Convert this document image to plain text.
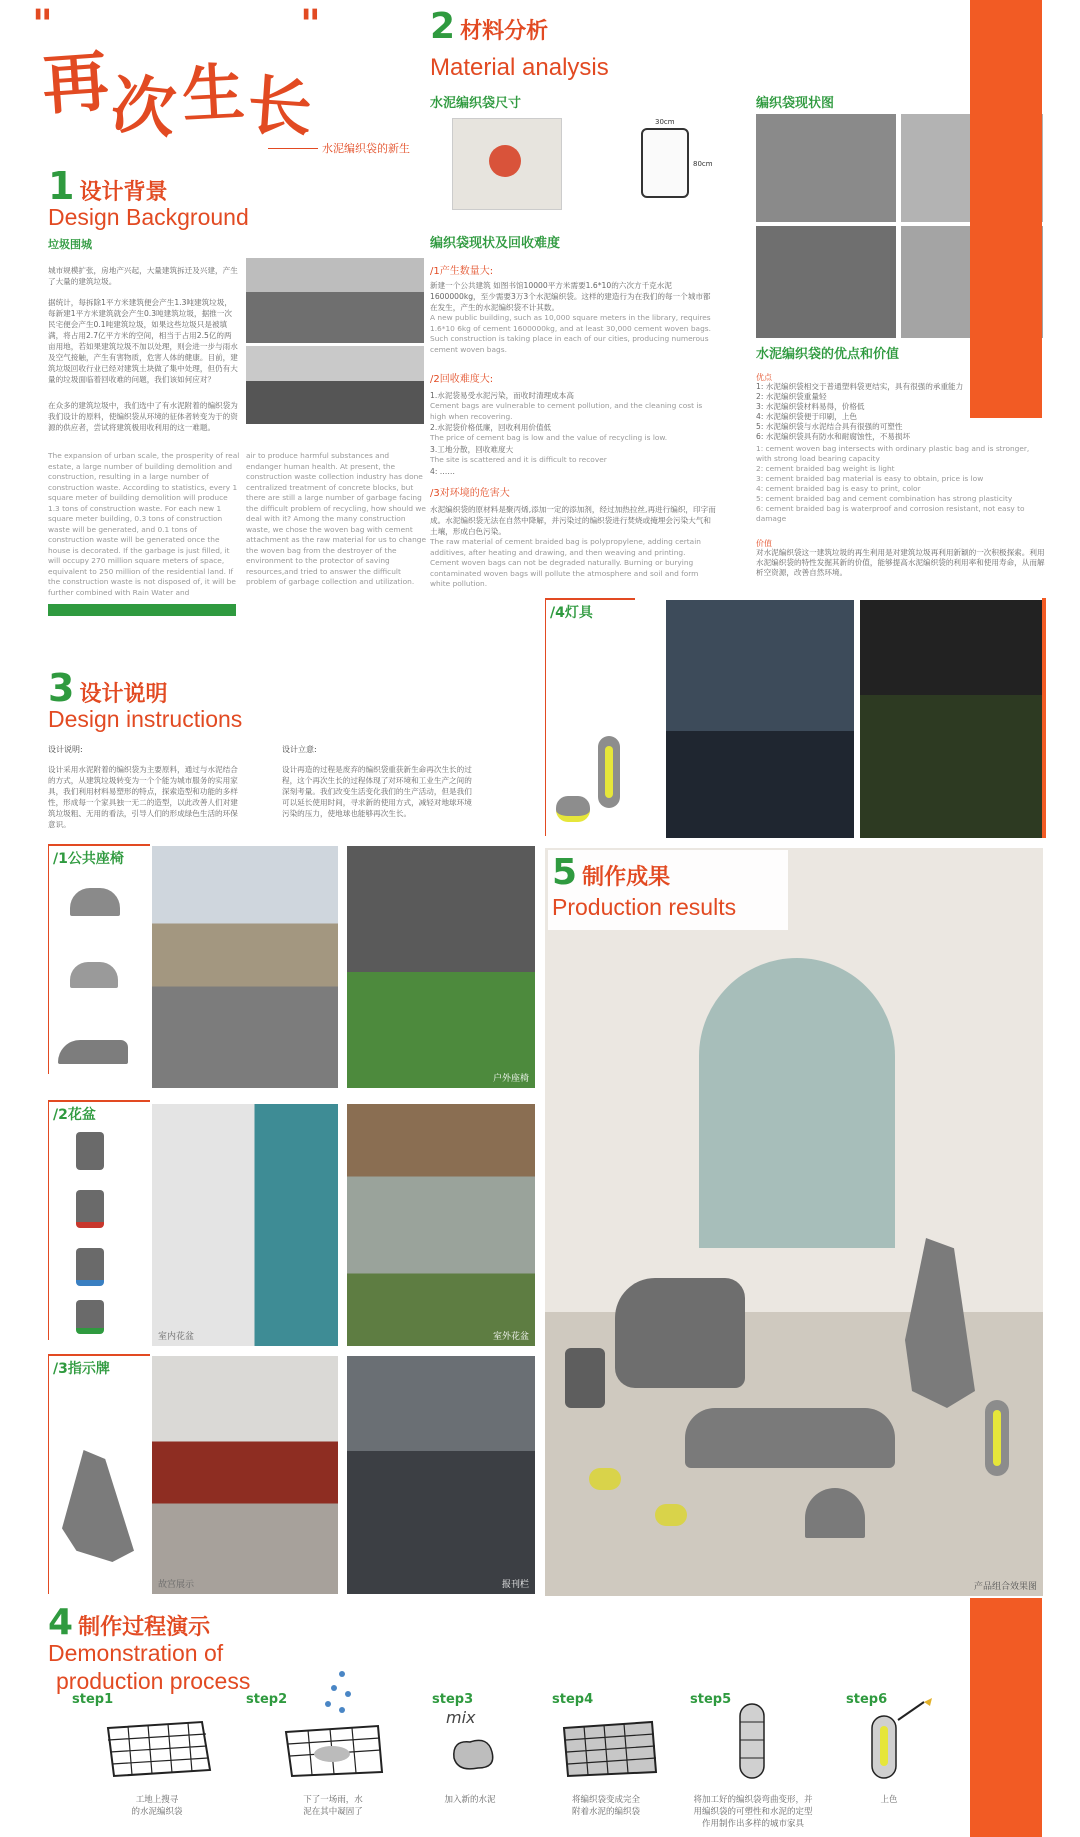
"	"
再
次 生
长
水泥编织袋的新生
1 设计背景
Design Background
垃圾围城
城市规模扩张，房地产兴起，大量建筑拆迁及兴建，产生了大量的建筑垃圾。
据统计，每拆除1平方米建筑便会产生1.3吨建筑垃圾，每新建1平方米建筑就会产生0.3吨建筑垃圾，据推一次民宅便会产生0.1吨建筑垃圾，如果这些垃圾只是被填满，将占用2.7亿平方米的空间，相当于占用2.5亿的两亩用地，若如果建筑垃圾不加以处理，则会进一步与雨水及空气接触，产生有害物质，危害人体的健康。目前，建筑垃圾回收行业已经对建筑土块做了集中处理，但仍有大量的垃圾面临着回收难的问题，我们该如何应对？
在众多的建筑垃圾中，我们选中了有水泥附着的编织袋为我们设计的原料，使编织袋从环境的征体者转变为于的资源的供应者，尝试将建筑极用收利用的这一难题。
The expansion of urban scale, the prosperity of real estate, a large number of building demolition and construction, resulting in a large number of construction waste. According to statistics, every 1 square meter of building demolition will produce 1.3 tons of construction waste. For each new 1 square meter building, 0.3 tons of construction waste will be generated, and 0.1 tons of construction waste will be generated once the house is decorated. If the garbage is just filled, it will occupy 270 million square meters of space, equivalent to 250 million of the residential land. If the construction waste is not disposed of, it will be further combined with Rain Water and
air to produce harmful substances and endanger human health. At present, the construction waste collection industry has done centralized treatment of concrete blocks, but there are still a large number of garbage facing the difficult problem of recycling, how should we deal with it? Among the many construction waste, we chose the woven bag with cement attachment as the raw material for us to change the woven bag from the destroyer of the environment to the protector of saving resources,and tried to answer the difficult problem of garbage collection and utilization.
2 材料分析
Material analysis
水泥编织袋尺寸
30cm
80cm
编织袋现状及回收难度
/1产生数量大:
新建一个公共建筑 如图书馆10000平方米需要1.6*10的六次方千克水泥1600000kg，至少需要3万3个水泥编织袋。这样的建造行为在我们的每一个城市都在发生，产生的水泥编织袋不计其数。
A new public building, such as 10,000 square meters in the library, requires 1.6*10 6kg of cement 1600000kg, and at least 30,000 cement woven bags. Such construction is taking place in each of our cities, producing numerous cement woven bags.
/2回收难度大:
1.水泥袋易受水泥污染，而收时清理成本高
Cement bags are vulnerable to cement pollution, and the cleaning cost is high when recovering.
2.水泥袋价格低廉，回收利用价值低
The price of cement bag is low and the value of recycling is low.
3.工地分散，回收难度大
The site is scattered and it is difficult to recover
4: ……
/3对环境的危害大
水泥编织袋的原材料是聚丙烯,添加一定的添加剂，经过加热拉丝,再进行编织，印字而成。水泥编织袋无法在自然中降解，并污染过的编织袋进行焚烧或掩埋会污染大气和土壤，形成白色污染。
The raw material of cement braided bag is polypropylene, adding certain additives, after heating and drawing, and then weaving and printing. Cement woven bags can not be degraded naturally. Burning or burying contaminated woven bags will pollute the atmosphere and soil and form white pollution.
编织袋现状图
水泥编织袋的优点和价值
优点
1: 水泥编织袋相交于普通塑料袋更结实，具有很强的承重能力
2: 水泥编织袋重量轻
3: 水泥编织袋材料易得，价格低
4: 水泥编织袋便于印刷，上色
5: 水泥编织袋与水泥结合具有很强的可塑性
6: 水泥编织袋具有防水和耐腐蚀性，不易损坏
1: cement woven bag intersects with ordinary plastic bag and is stronger, with strong load bearing capacity
2: cement braided bag weight is light
3: cement braided bag material is easy to obtain, price is low
4: cement braided bag is easy to print, color
5: cement braided bag and cement combination has strong plasticity
6: cement braided bag is waterproof and corrosion resistant, not easy to damage
价值
对水泥编织袋这一建筑垃圾的再生利用是对建筑垃圾再利用新颖的一次积极探索。利用水泥编织袋的特性发掘其新的价值，能够提高水泥编织袋的利用率和使用寿命，从而解析空资源，改善自然环境。
3 设计说明
Design instructions
设计说明:
设计采用水泥附着的编织袋为主要原料，通过与水泥结合的方式，从建筑垃圾转变为一个个能为城市服务的实用家具，我们利用材料易塑形的特点，探索造型和功能的多样性，形成每一个家具独一无二的造型，以此改善人们对建筑垃圾粗、无用的看法，引导人们的形成绿色生活的环保意识。
设计立意:
设计再造的过程是废弃的编织袋重获新生命再次生长的过程，这个再次生长的过程体现了对环境和工业生产之间的深刻考量。我们改变生活变化我们的生产活动，但是我们可以延长使用时间，寻求新的使用方式，减轻对地球环境污染的压力，使地球也能够再次生长。
/1公共座椅
户外座椅
/2花盆
室内花盆	室外花盆
/3指示牌
故宫展示	报刊栏
/4灯具
产品组合效果图
5 制作成果
Production results
4 制作过程演示
Demonstration of
production process
step1	step2	step3	step4	step5	step6
mix
工地上搜寻
的水泥编织袋
下了一场雨，水
泥在其中凝固了
加入新的水泥	将编织袋变成完全
附着水泥的编织袋
将加工好的编织袋弯曲变形，并
用编织袋的可塑性和水泥的定型
作用制作出多样的城市家具
上色
